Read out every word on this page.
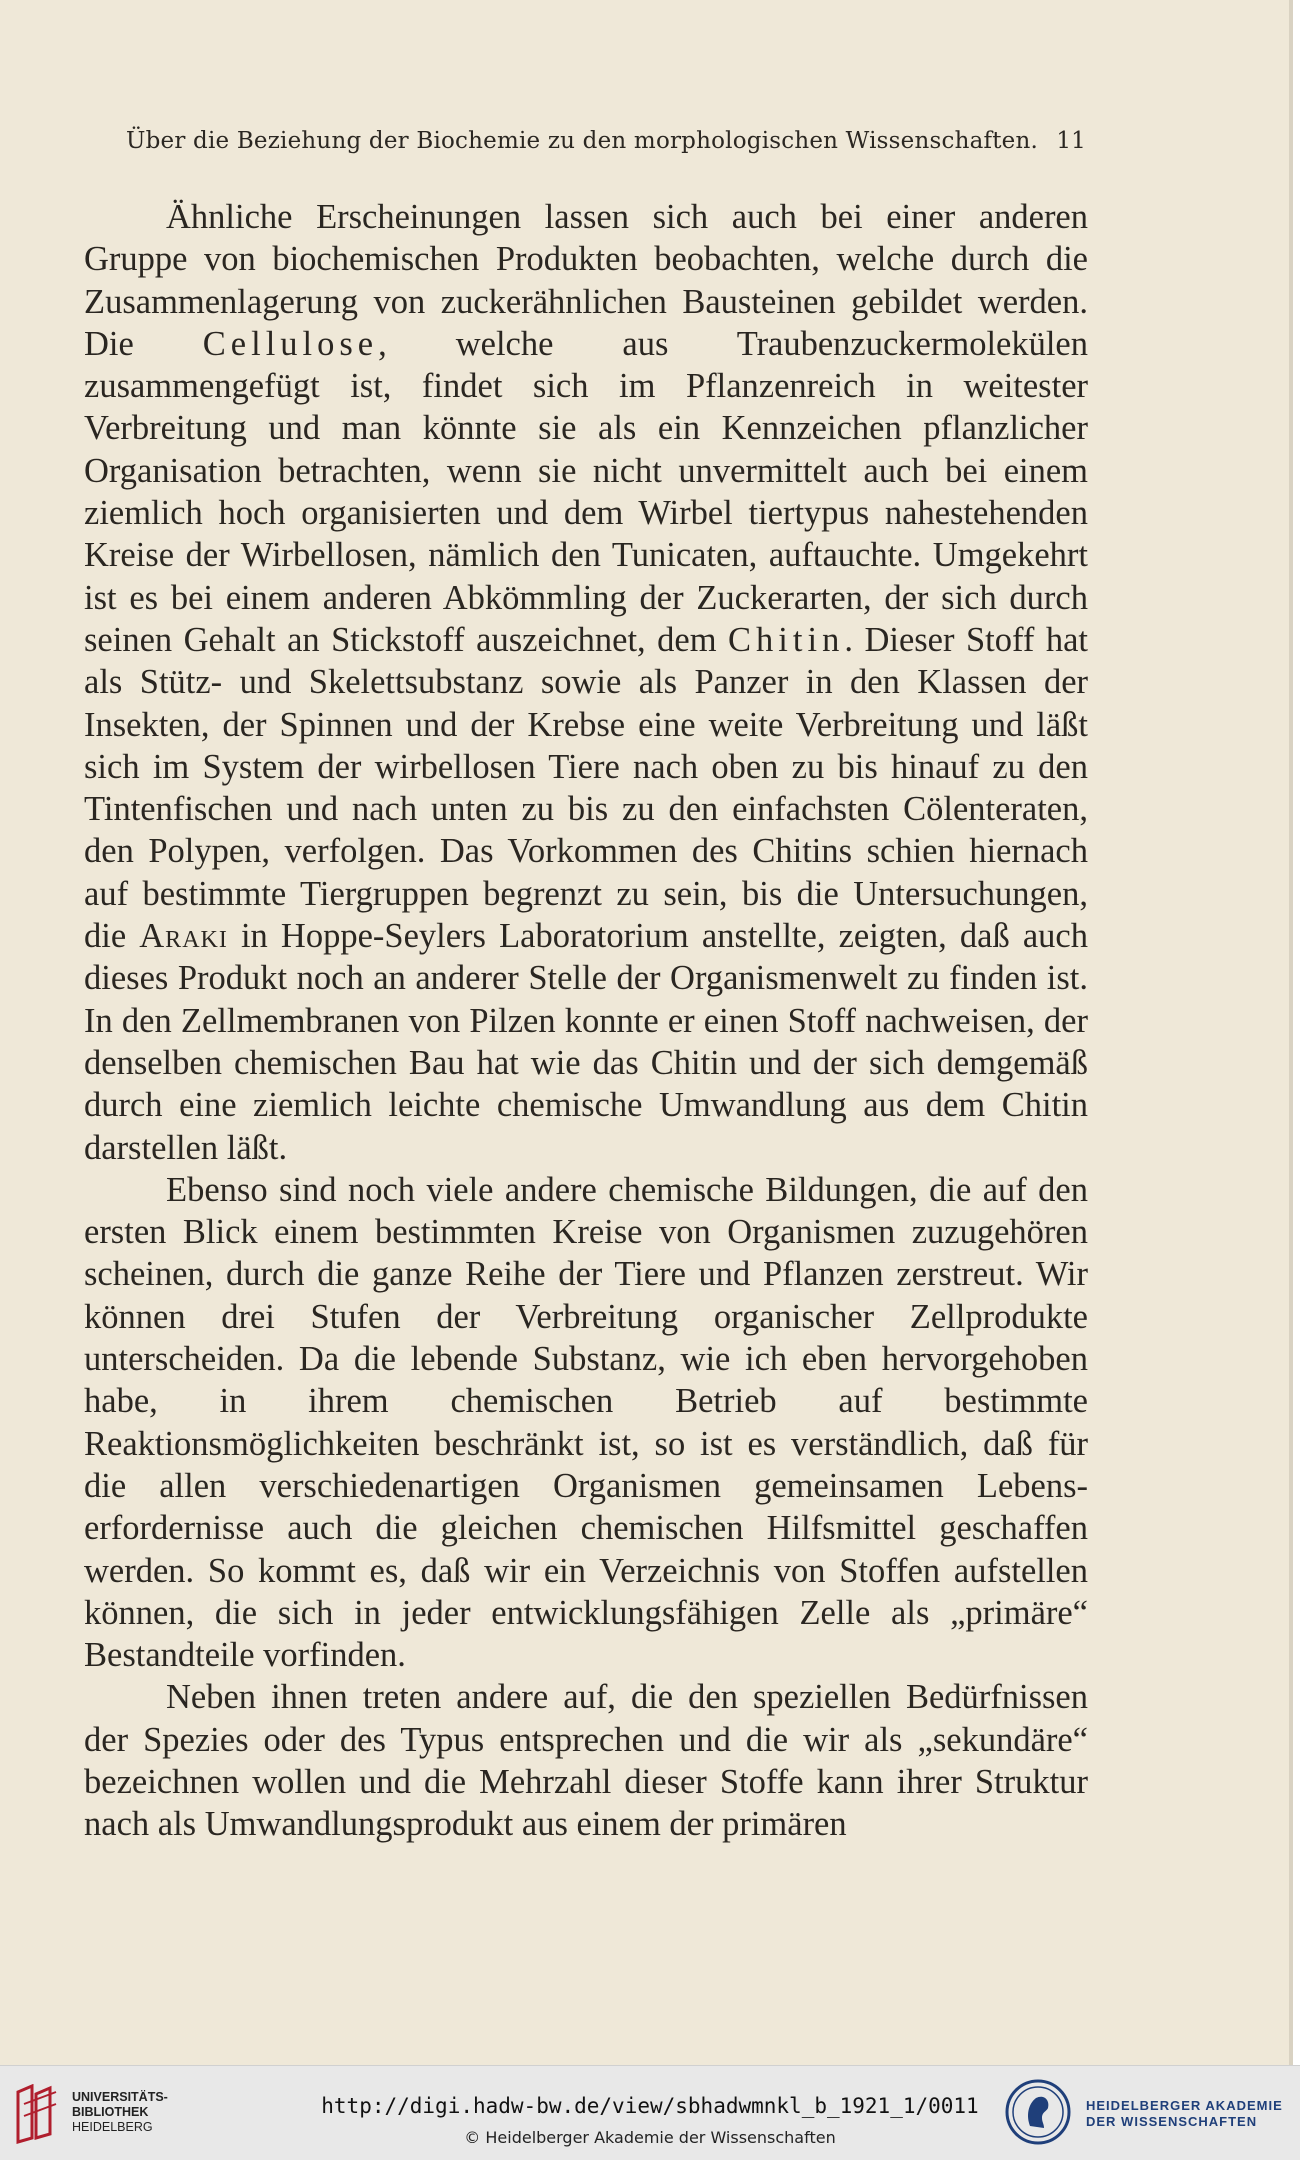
Über die Beziehung der Biochemie zu den morphologischen Wissenschaften. 11

Ähnliche Erscheinungen lassen sich auch bei einer anderen Gruppe von biochemischen Produkten beobachten, welche durch die Zusammenlagerung von zuckerähnlichen Bausteinen gebildet werden. Die Cellulose, welche aus Traubenzuckermolekülen zusammengefügt ist, findet sich im Pflanzenreich in weitester Verbreitung und man könnte sie als ein Kennzeichen pflanzlicher Organisation betrachten, wenn sie nicht unvermittelt auch bei einem ziemlich hoch organisierten und dem Wirbel tiertypus nahestehenden Kreise der Wirbellosen, nämlich den Tunicaten, auftauchte. Umgekehrt ist es bei einem anderen Abkömmling der Zuckerarten, der sich durch seinen Gehalt an Stickstoff auszeichnet, dem Chitin. Dieser Stoff hat als Stütz- und Skelettsubstanz sowie als Panzer in den Klassen der Insekten, der Spinnen und der Krebse eine weite Verbreitung und läßt sich im System der wirbellosen Tiere nach oben zu bis hinauf zu den Tintenfischen und nach unten zu bis zu den einfachsten Cölenteraten, den Polypen, verfolgen. Das Vorkommen des Chitins schien hiernach auf bestimmte Tiergruppen begrenzt zu sein, bis die Untersuchungen, die Araki in Hoppe-Seylers Laboratorium anstellte, zeigten, daß auch dieses Produkt noch an anderer Stelle der Organismenwelt zu finden ist. In den Zellmembranen von Pilzen konnte er einen Stoff nachweisen, der denselben chemischen Bau hat wie das Chitin und der sich demgemäß durch eine ziemlich leichte chemische Umwandlung aus dem Chitin darstellen läßt.

Ebenso sind noch viele andere chemische Bildungen, die auf den ersten Blick einem bestimmten Kreise von Organismen zuzugehören scheinen, durch die ganze Reihe der Tiere und Pflanzen zerstreut. Wir können drei Stufen der Verbreitung organischer Zellprodukte unterscheiden. Da die lebende Substanz, wie ich eben hervorgehoben habe, in ihrem chemischen Betrieb auf bestimmte Reaktionsmöglichkeiten beschränkt ist, so ist es verständlich, daß für die allen verschiedenartigen Organismen gemeinsamen Lebenserfordernisse auch die gleichen chemischen Hilfsmittel geschaffen werden. So kommt es, daß wir ein Verzeichnis von Stoffen aufstellen können, die sich in jeder entwicklungsfähigen Zelle als „primäre“ Bestandteile vorfinden.

Neben ihnen treten andere auf, die den speziellen Bedürfnissen der Spezies oder des Typus entsprechen und die wir als „sekundäre“ bezeichnen wollen und die Mehrzahl dieser Stoffe kann ihrer Struktur nach als Umwandlungsprodukt aus einem der primären

UNIVERSITÄTS-
BIBLIOTHEK
HEIDELBERG
http://digi.hadw-bw.de/view/sbhadwmnkl_b_1921_1/0011
© Heidelberger Akademie der Wissenschaften
HEIDELBERGER AKADEMIE
DER WISSENSCHAFTEN
